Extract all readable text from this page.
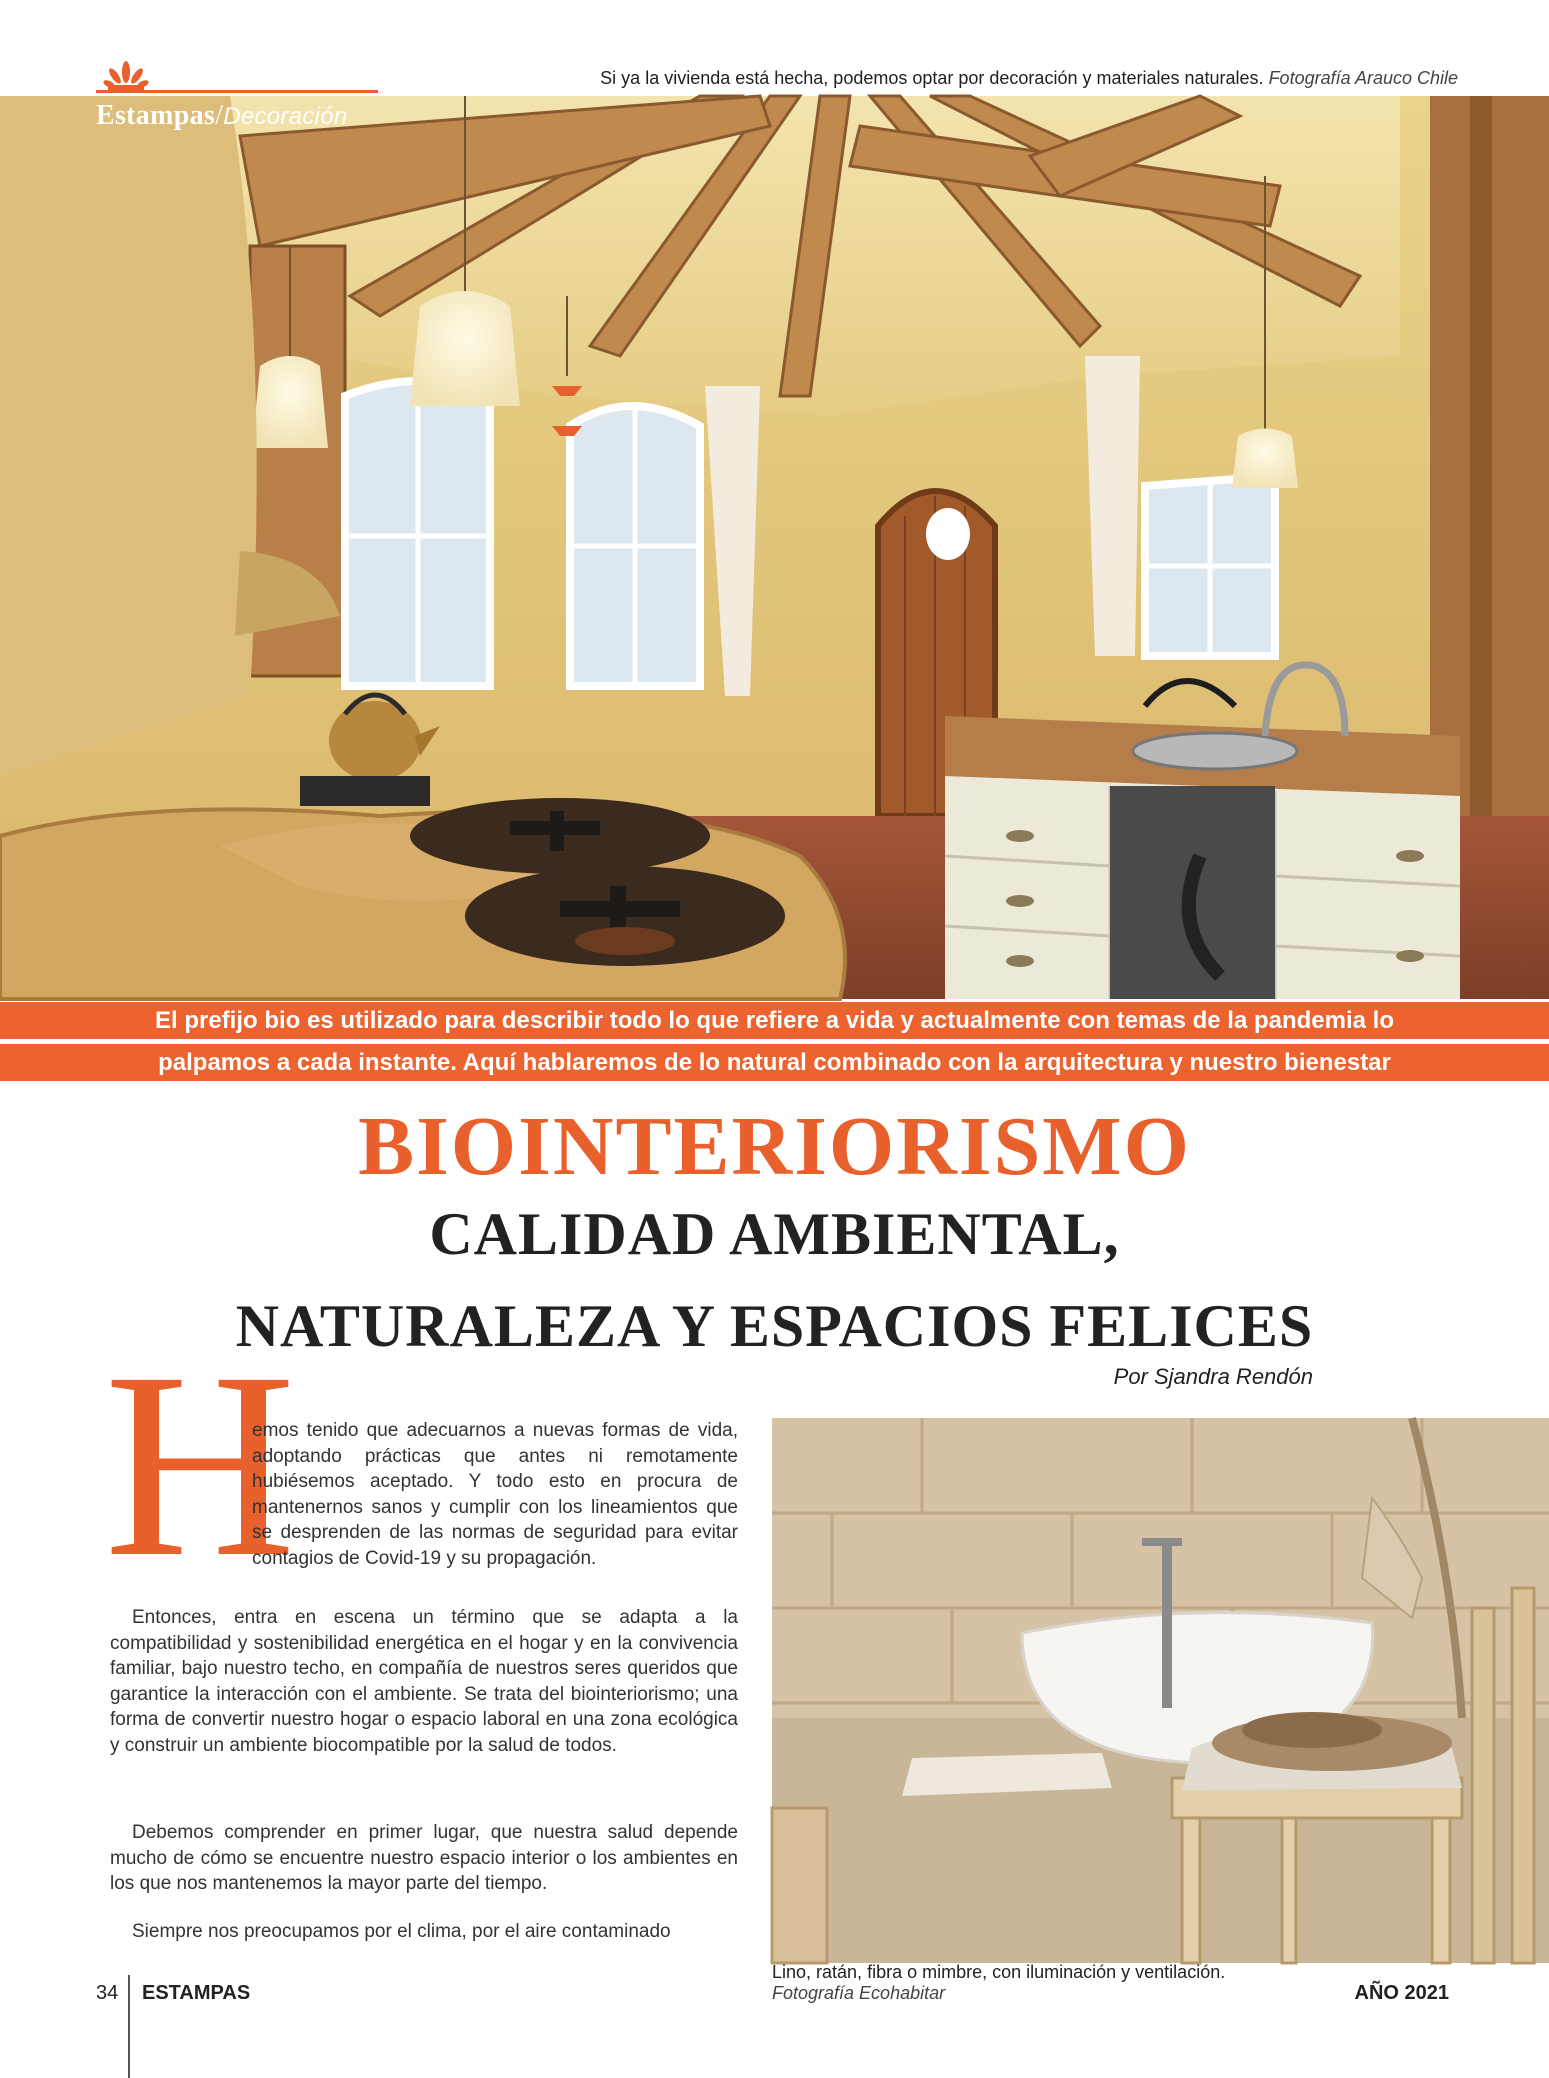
Estampas/Decoración
Si ya la vivienda está hecha, podemos optar por decoración y materiales naturales. Fotografía Arauco Chile
El prefijo bio es utilizado para describir todo lo que refiere a vida y actualmente con temas de la pandemia lo
palpamos a cada instante. Aquí hablaremos de lo natural combinado con la arquitectura y nuestro bienestar
BIOINTERIORISMO
CALIDAD AMBIENTAL,
NATURALEZA Y ESPACIOS FELICES
Por Sjandra Rendón
H

emos tenido que adecuarnos a nuevas formas de vida, adoptando prácticas que antes ni remotamente hubiésemos aceptado. Y todo esto en procura de mantenernos sanos y cumplir con los lineamientos que se desprenden de las normas de seguridad para evitar contagios de Covid-19 y su propagación.

Entonces, entra en escena un término que se adapta a la compatibilidad y sostenibilidad energética en el hogar y en la convivencia familiar, bajo nuestro techo, en compañía de nuestros seres queridos que garantice la interacción con el ambiente. Se trata del biointeriorismo; una forma de convertir nuestro hogar o espacio laboral en una zona ecológica y construir un ambiente biocompatible por la salud de todos.

Debemos comprender en primer lugar, que nuestra salud depende mucho de cómo se encuentre nuestro espacio interior o los ambientes en los que nos mantenemos la mayor parte del tiempo.

Siempre nos preocupamos por el clima, por el aire contaminado

Lino, ratán, fibra o mimbre, con iluminación y ventilación.
Fotografía Ecohabitar
34 ESTAMPAS	AÑO 2021
